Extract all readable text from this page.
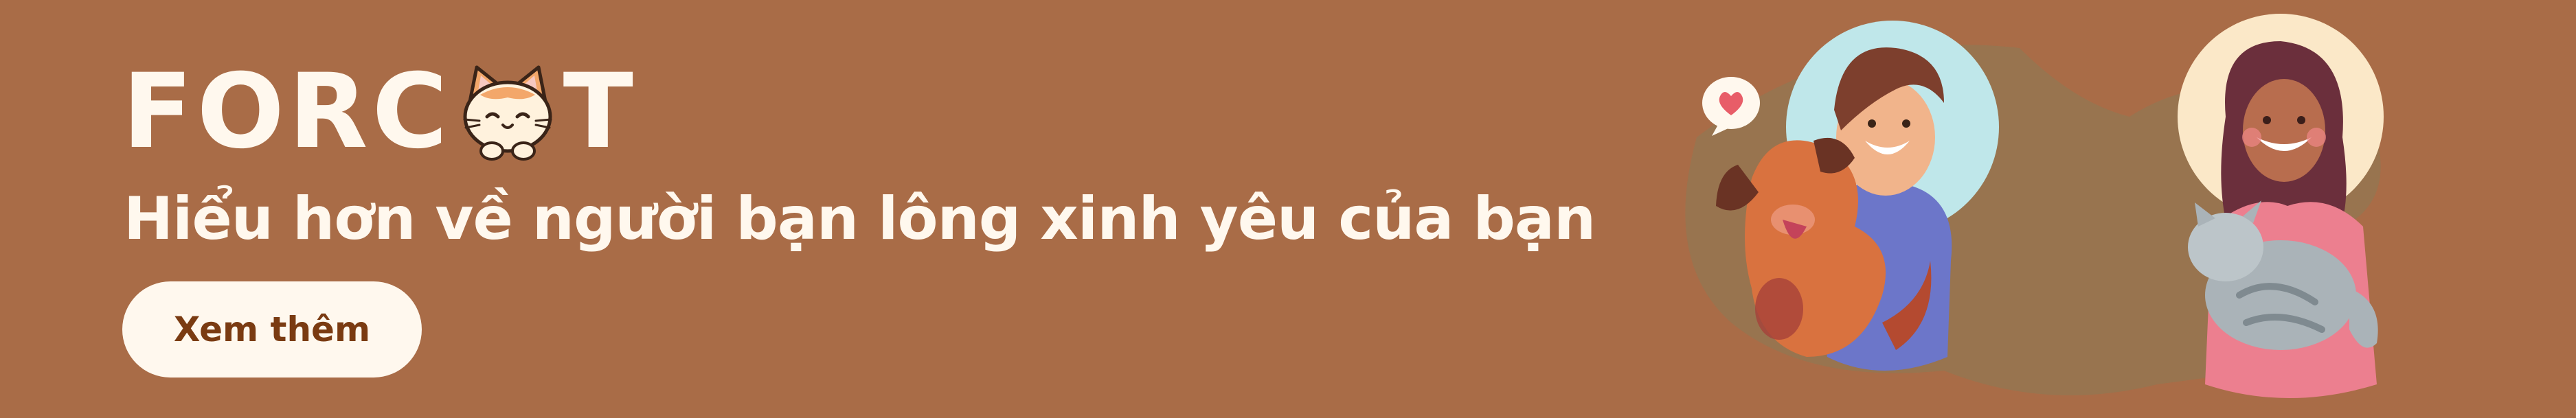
FORC T
Hiểu hơn về người bạn lông xinh yêu của bạn
Xem thêm
